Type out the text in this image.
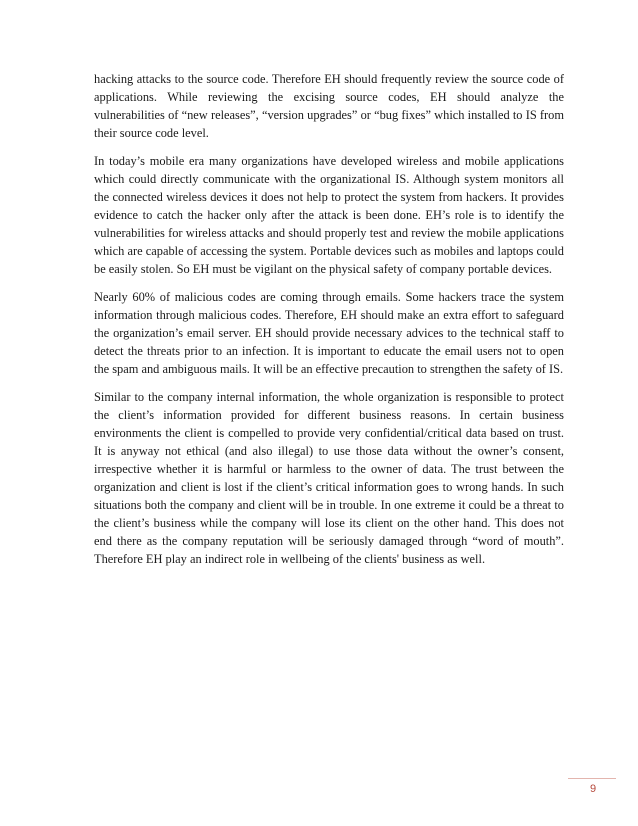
hacking attacks to the source code. Therefore EH should frequently review the source code of applications. While reviewing the excising source codes, EH should analyze the vulnerabilities of “new releases”, “version upgrades” or “bug fixes” which installed to IS from their source code level.

In today’s mobile era many organizations have developed wireless and mobile applications which could directly communicate with the organizational IS. Although system monitors all the connected wireless devices it does not help to protect the system from hackers. It provides evidence to catch the hacker only after the attack is been done. EH’s role is to identify the vulnerabilities for wireless attacks and should properly test and review the mobile applications which are capable of accessing the system. Portable devices such as mobiles and laptops could be easily stolen. So EH must be vigilant on the physical safety of company portable devices.

Nearly 60% of malicious codes are coming through emails. Some hackers trace the system information through malicious codes. Therefore, EH should make an extra effort to safeguard the organization’s email server. EH should provide necessary advices to the technical staff to detect the threats prior to an infection. It is important to educate the email users not to open the spam and ambiguous mails. It will be an effective precaution to strengthen the safety of IS.

Similar to the company internal information, the whole organization is responsible to protect the client’s information provided for different business reasons. In certain business environments the client is compelled to provide very confidential/critical data based on trust. It is anyway not ethical (and also illegal) to use those data without the owner’s consent, irrespective whether it is harmful or harmless to the owner of data. The trust between the organization and client is lost if the client’s critical information goes to wrong hands. In such situations both the company and client will be in trouble. In one extreme it could be a threat to the client’s business while the company will lose its client on the other hand. This does not end there as the company reputation will be seriously damaged through “word of mouth”. Therefore EH play an indirect role in wellbeing of the clients' business as well.

9
